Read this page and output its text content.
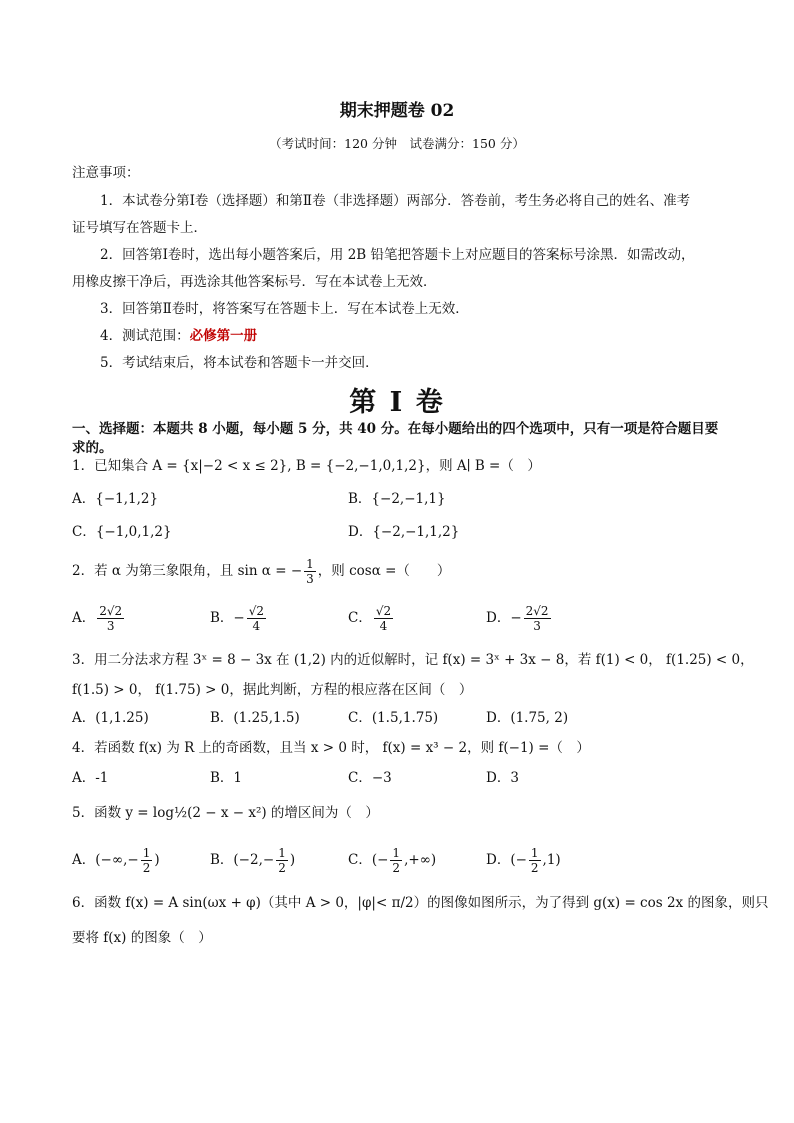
期末押题卷 02
（考试时间：120 分钟　试卷满分：150 分）
注意事项：
1．本试卷分第Ⅰ卷（选择题）和第Ⅱ卷（非选择题）两部分．答卷前，考生务必将自己的姓名、准考
证号填写在答题卡上．
2．回答第Ⅰ卷时，选出每小题答案后，用 2B 铅笔把答题卡上对应题目的答案标号涂黑．如需改动，
用橡皮擦干净后，再选涂其他答案标号．写在本试卷上无效．
3．回答第Ⅱ卷时，将答案写在答题卡上．写在本试卷上无效．
4．测试范围：必修第一册
5．考试结束后，将本试卷和答题卡一并交回．
第 I 卷
一、选择题：本题共 8 小题，每小题 5 分，共 40 分。在每小题给出的四个选项中，只有一项是符合题目要
求的。
1．已知集合 A = {x|−2 < x ≤ 2}, B = {−2,−1,0,1,2}，则 A∣ B =（　）
A．{−1,1,2}	B．{−2,−1,1}
C．{−1,0,1,2}	D．{−2,−1,1,2}
2．若 α 为第三象限角，且 sin α = − $\frac{1}{3}$ ，则 cosα =（　　）
A． $\frac{2√2}{3}$	B．− $\frac{√2}{4}$	C． $\frac{√2}{4}$	D．− $\frac{2√2}{3}$
3．用二分法求方程 3ˣ = 8 − 3x 在 (1,2) 内的近似解时，记 f(x) = 3ˣ + 3x − 8，若 f(1) < 0， f(1.25) < 0，
f(1.5) > 0， f(1.75) > 0，据此判断，方程的根应落在区间（　）
A．(1,1.25)	B．(1.25,1.5)	C．(1.5,1.75)	D．(1.75, 2)
4．若函数 f(x) 为 R 上的奇函数，且当 x > 0 时， f(x) = x³ − 2，则 f(−1) =（　）
A．-1	B．1	C．−3	D．3
5．函数 y = log½(2 − x − x²) 的增区间为（　）
A．(−∞,− $\frac{1}{2}$ )	B．($-2,- \frac{1}{2}$ )	C．(− $\frac{1}{2}$ ,+∞)	D．(− $\frac{1}{2} ,1$)
6．函数 f(x) = A sin(ωx + φ)（其中 A > 0，|φ|< π/2）的图像如图所示，为了得到 g(x) = cos 2x 的图象，则只
要将 f(x) 的图象（　）
